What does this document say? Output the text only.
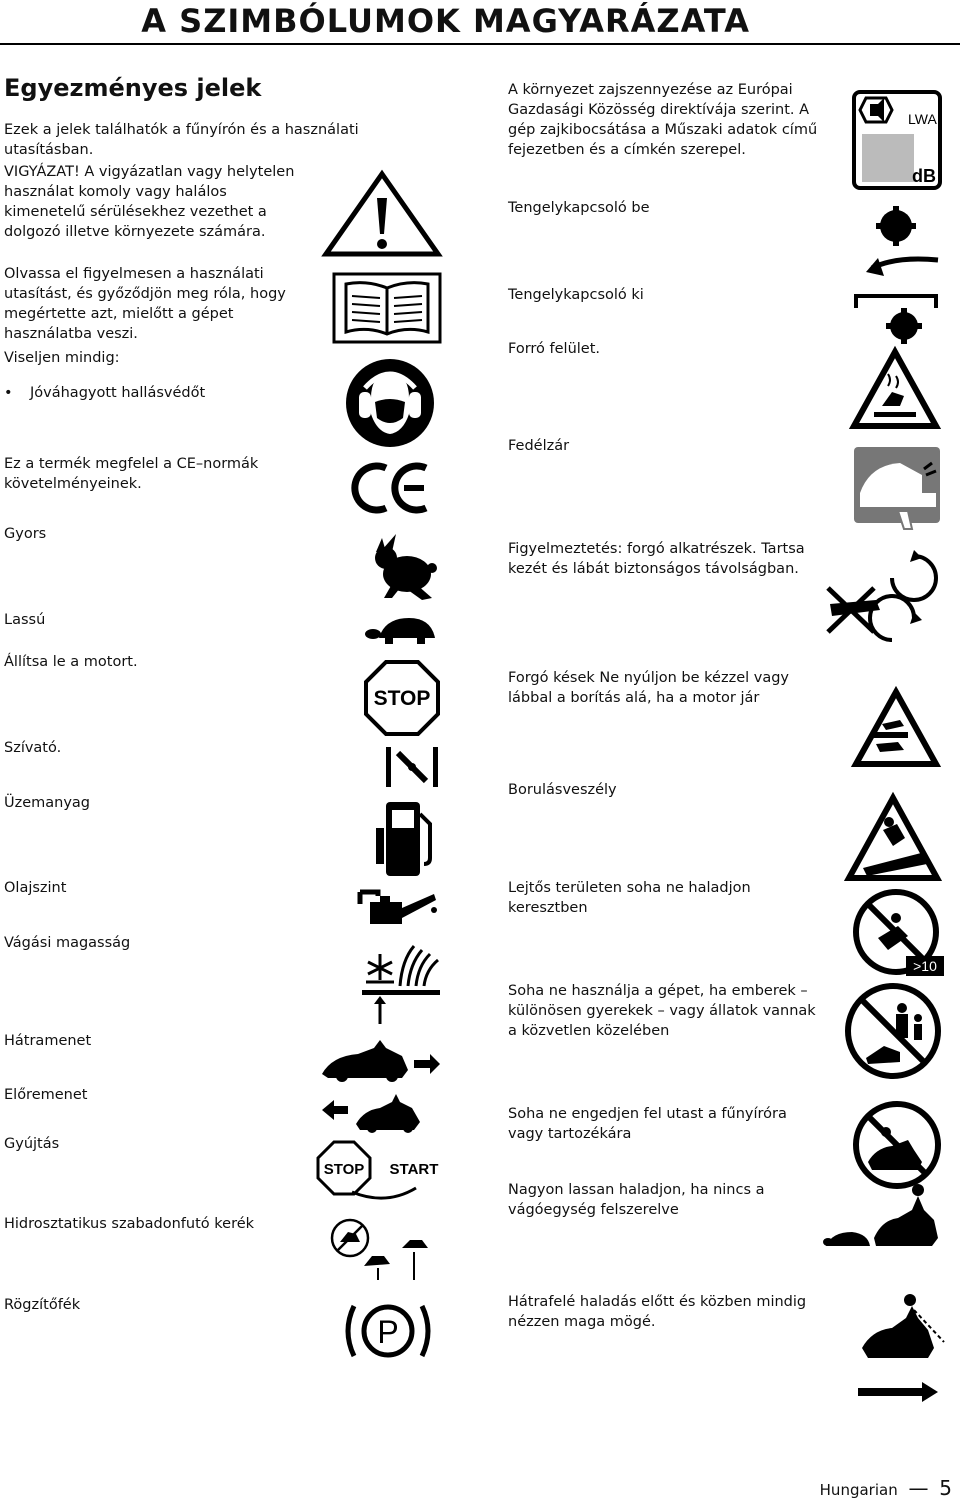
A SZIMBÓLUMOK MAGYARÁZATA
Egyezményes jelek
Ezek a jelek találhatók a fűnyírón és a használati utasításban.
VIGYÁZAT! A vigyázatlan vagy helytelen használat komoly vagy halálos kimenetelű sérülésekhez vezethet a dolgozó illetve környezete számára.
Olvassa el figyelmesen a használati utasítást, és győződjön meg róla, hogy megértette azt, mielőtt a gépet használatba veszi.
Viseljen mindig:
• Jóváhagyott hallásvédőt
Ez a termék megfelel a CE–normák követelményeinek.
Gyors
Lassú
Állítsa le a motort.
Szívató.
Üzemanyag
Olajszint
Vágási magasság
Hátramenet
Előremenet
Gyújtás
Hidrosztatikus szabadonfutó kerék
Rögzítőfék
A környezet zajszennyezése az Európai Gazdasági Közösség direktívája szerint. A gép zajkibocsátása a Műszaki adatok című fejezetben és a címkén szerepel.
Tengelykapcsoló be
Tengelykapcsoló ki
Forró felület.
Fedélzár
Figyelmeztetés: forgó alkatrészek. Tartsa kezét és lábát biztonságos távolságban.
Forgó kések Ne nyúljon be kézzel vagy lábbal a borítás alá, ha a motor jár
Borulásveszély
Lejtős területen soha ne haladjon keresztben
Soha ne használja a gépet, ha emberek – különösen gyerekek – vagy állatok vannak a közvetlen közelében
Soha ne engedjen fel utast a fűnyíróra vagy tartozékára
Nagyon lassan haladjon, ha nincs a vágóegység felszerelve
Hátrafelé haladás előtt és közben mindig nézzen maga mögé.
STOP
STOP START
P
LWA
dB
>10
Hungarian — 5
